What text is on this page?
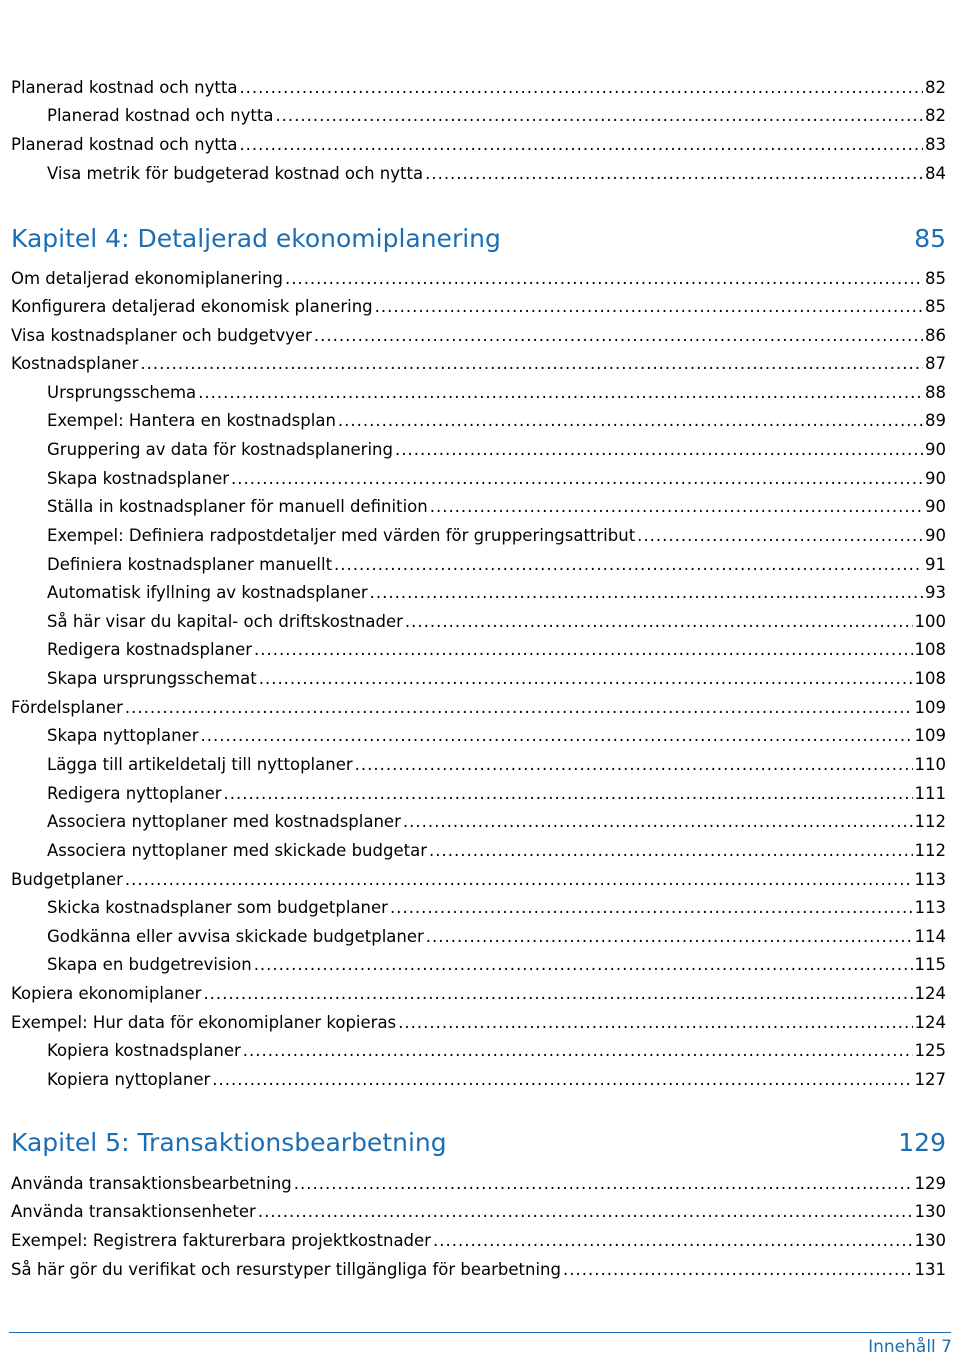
Planerad kostnad och nytta .....	82
Planerad kostnad och nytta .....	82
Planerad kostnad och nytta .....	83
Visa metrik för budgeterad kostnad och nytta .....	84
Kapitel 4: Detaljerad ekonomiplanering	85
Om detaljerad ekonomiplanering .....	85
Konfigurera detaljerad ekonomisk planering .....	85
Visa kostnadsplaner och budgetvyer .....	86
Kostnadsplaner .....	87
Ursprungsschema .....	88
Exempel: Hantera en kostnadsplan .....	89
Gruppering av data för kostnadsplanering .....	90
Skapa kostnadsplaner .....	90
Ställa in kostnadsplaner för manuell definition .....	90
Exempel: Definiera radpostdetaljer med värden för grupperingsattribut .....	90
Definiera kostnadsplaner manuellt .....	91
Automatisk ifyllning av kostnadsplaner .....	93
Så här visar du kapital- och driftskostnader .....	100
Redigera kostnadsplaner .....	108
Skapa ursprungsschemat .....	108
Fördelsplaner .....	109
Skapa nyttoplaner .....	109
Lägga till artikeldetalj till nyttoplaner .....	110
Redigera nyttoplaner .....	111
Associera nyttoplaner med kostnadsplaner .....	112
Associera nyttoplaner med skickade budgetar .....	112
Budgetplaner .....	113
Skicka kostnadsplaner som budgetplaner .....	113
Godkänna eller avvisa skickade budgetplaner .....	114
Skapa en budgetrevision .....	115
Kopiera ekonomiplaner .....	124
Exempel: Hur data för ekonomiplaner kopieras .....	124
Kopiera kostnadsplaner .....	125
Kopiera nyttoplaner .....	127
Kapitel 5: Transaktionsbearbetning	129
Använda transaktionsbearbetning .....	129
Använda transaktionsenheter .....	130
Exempel: Registrera fakturerbara projektkostnader .....	130
Så här gör du verifikat och resurstyper tillgängliga för bearbetning .....	131
Innehåll 7
